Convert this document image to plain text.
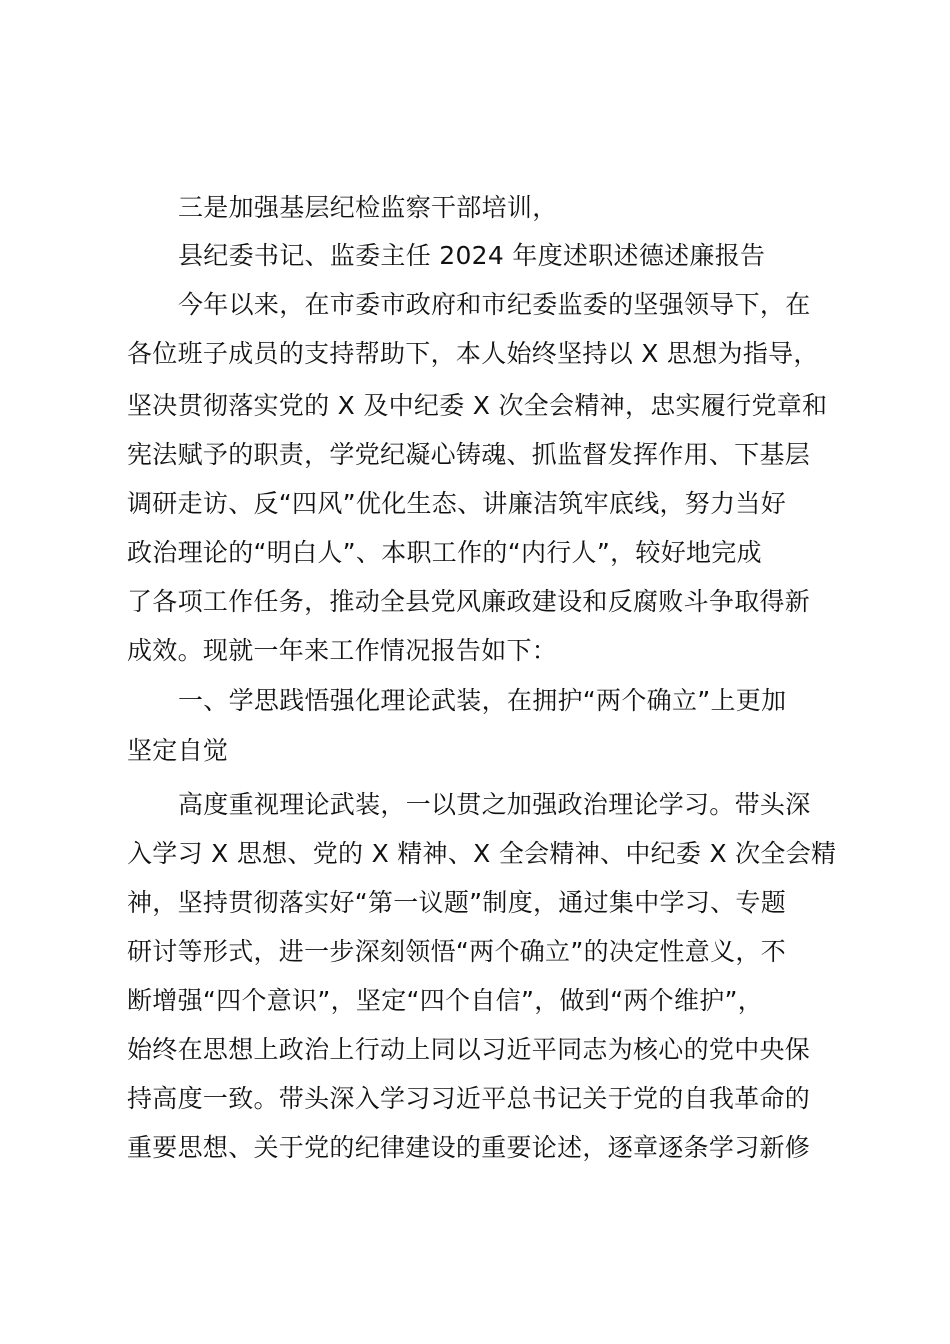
三是加强基层纪检监察干部培训，
县纪委书记、监委主任 2024 年度述职述德述廉报告
今年以来，在市委市政府和市纪委监委的坚强领导下，在
各位班子成员的支持帮助下，本人始终坚持以 X 思想为指导，
坚决贯彻落实党的 X 及中纪委 X 次全会精神，忠实履行党章和
宪法赋予的职责，学党纪凝心铸魂、抓监督发挥作用、下基层
调研走访、反“四风”优化生态、讲廉洁筑牢底线，努力当好
政治理论的“明白人”、本职工作的“内行人”，较好地完成
了各项工作任务，推动全县党风廉政建设和反腐败斗争取得新
成效。现就一年来工作情况报告如下：
一、学思践悟强化理论武装，在拥护“两个确立”上更加
坚定自觉
高度重视理论武装，一以贯之加强政治理论学习。带头深
入学习 X 思想、党的 X 精神、X 全会精神、中纪委 X 次全会精
神，坚持贯彻落实好“第一议题”制度，通过集中学习、专题
研讨等形式，进一步深刻领悟“两个确立”的决定性意义，不
断增强“四个意识”，坚定“四个自信”，做到“两个维护”，
始终在思想上政治上行动上同以习近平同志为核心的党中央保
持高度一致。带头深入学习习近平总书记关于党的自我革命的
重要思想、关于党的纪律建设的重要论述，逐章逐条学习新修
